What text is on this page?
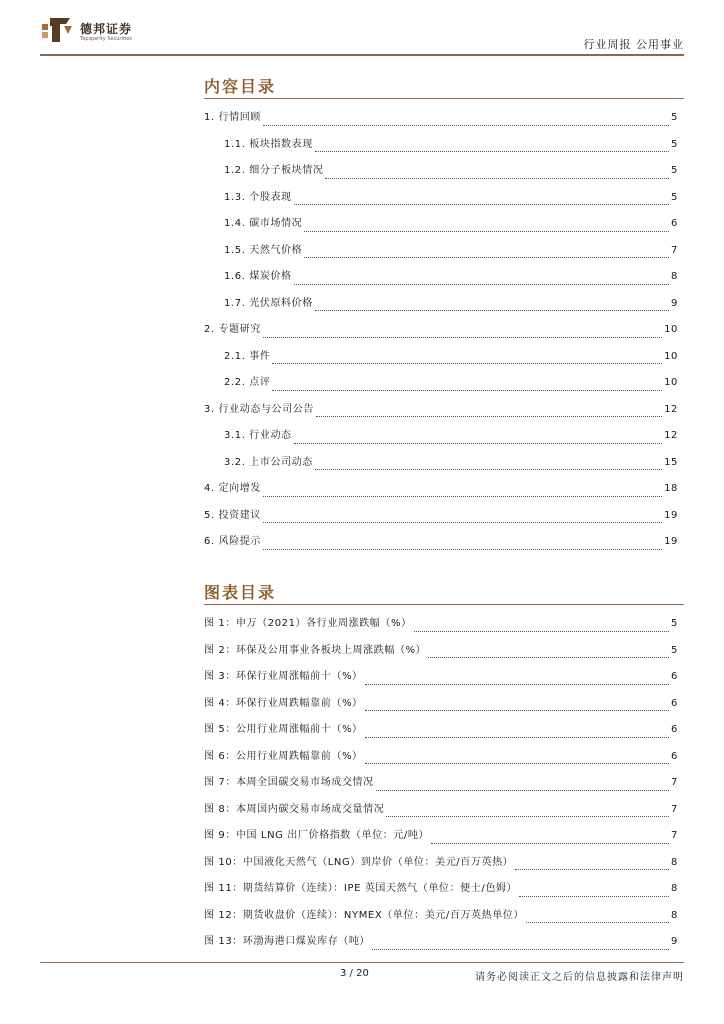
德邦证券
Topsperity Securities	行业周报 公用事业
内容目录
1. 行情回顾	5
1.1. 板块指数表现	5
1.2. 细分子板块情况	5
1.3. 个股表现	5
1.4. 碳市场情况	6
1.5. 天然气价格	7
1.6. 煤炭价格	8
1.7. 光伏原料价格	9
2. 专题研究	10
2.1. 事件	10
2.2. 点评	10
3. 行业动态与公司公告	12
3.1. 行业动态	12
3.2. 上市公司动态	15
4. 定向增发	18
5. 投资建议	19
6. 风险提示	19
图表目录
图 1：申万（2021）各行业周涨跌幅（%）	5
图 2：环保及公用事业各板块上周涨跌幅（%）	5
图 3：环保行业周涨幅前十（%）	6
图 4：环保行业周跌幅靠前（%）	6
图 5：公用行业周涨幅前十（%）	6
图 6：公用行业周跌幅靠前（%）	6
图 7：本周全国碳交易市场成交情况	7
图 8：本周国内碳交易市场成交量情况	7
图 9：中国 LNG 出厂价格指数（单位：元/吨）	7
图 10：中国液化天然气（LNG）到岸价（单位：美元/百万英热）	8
图 11：期货结算价（连续）：IPE 英国天然气（单位：便士/色姆）	8
图 12：期货收盘价（连续）：NYMEX（单位：美元/百万英热单位）	8
图 13：环渤海港口煤炭库存（吨）	9
3 / 20	请务必阅读正文之后的信息披露和法律声明
